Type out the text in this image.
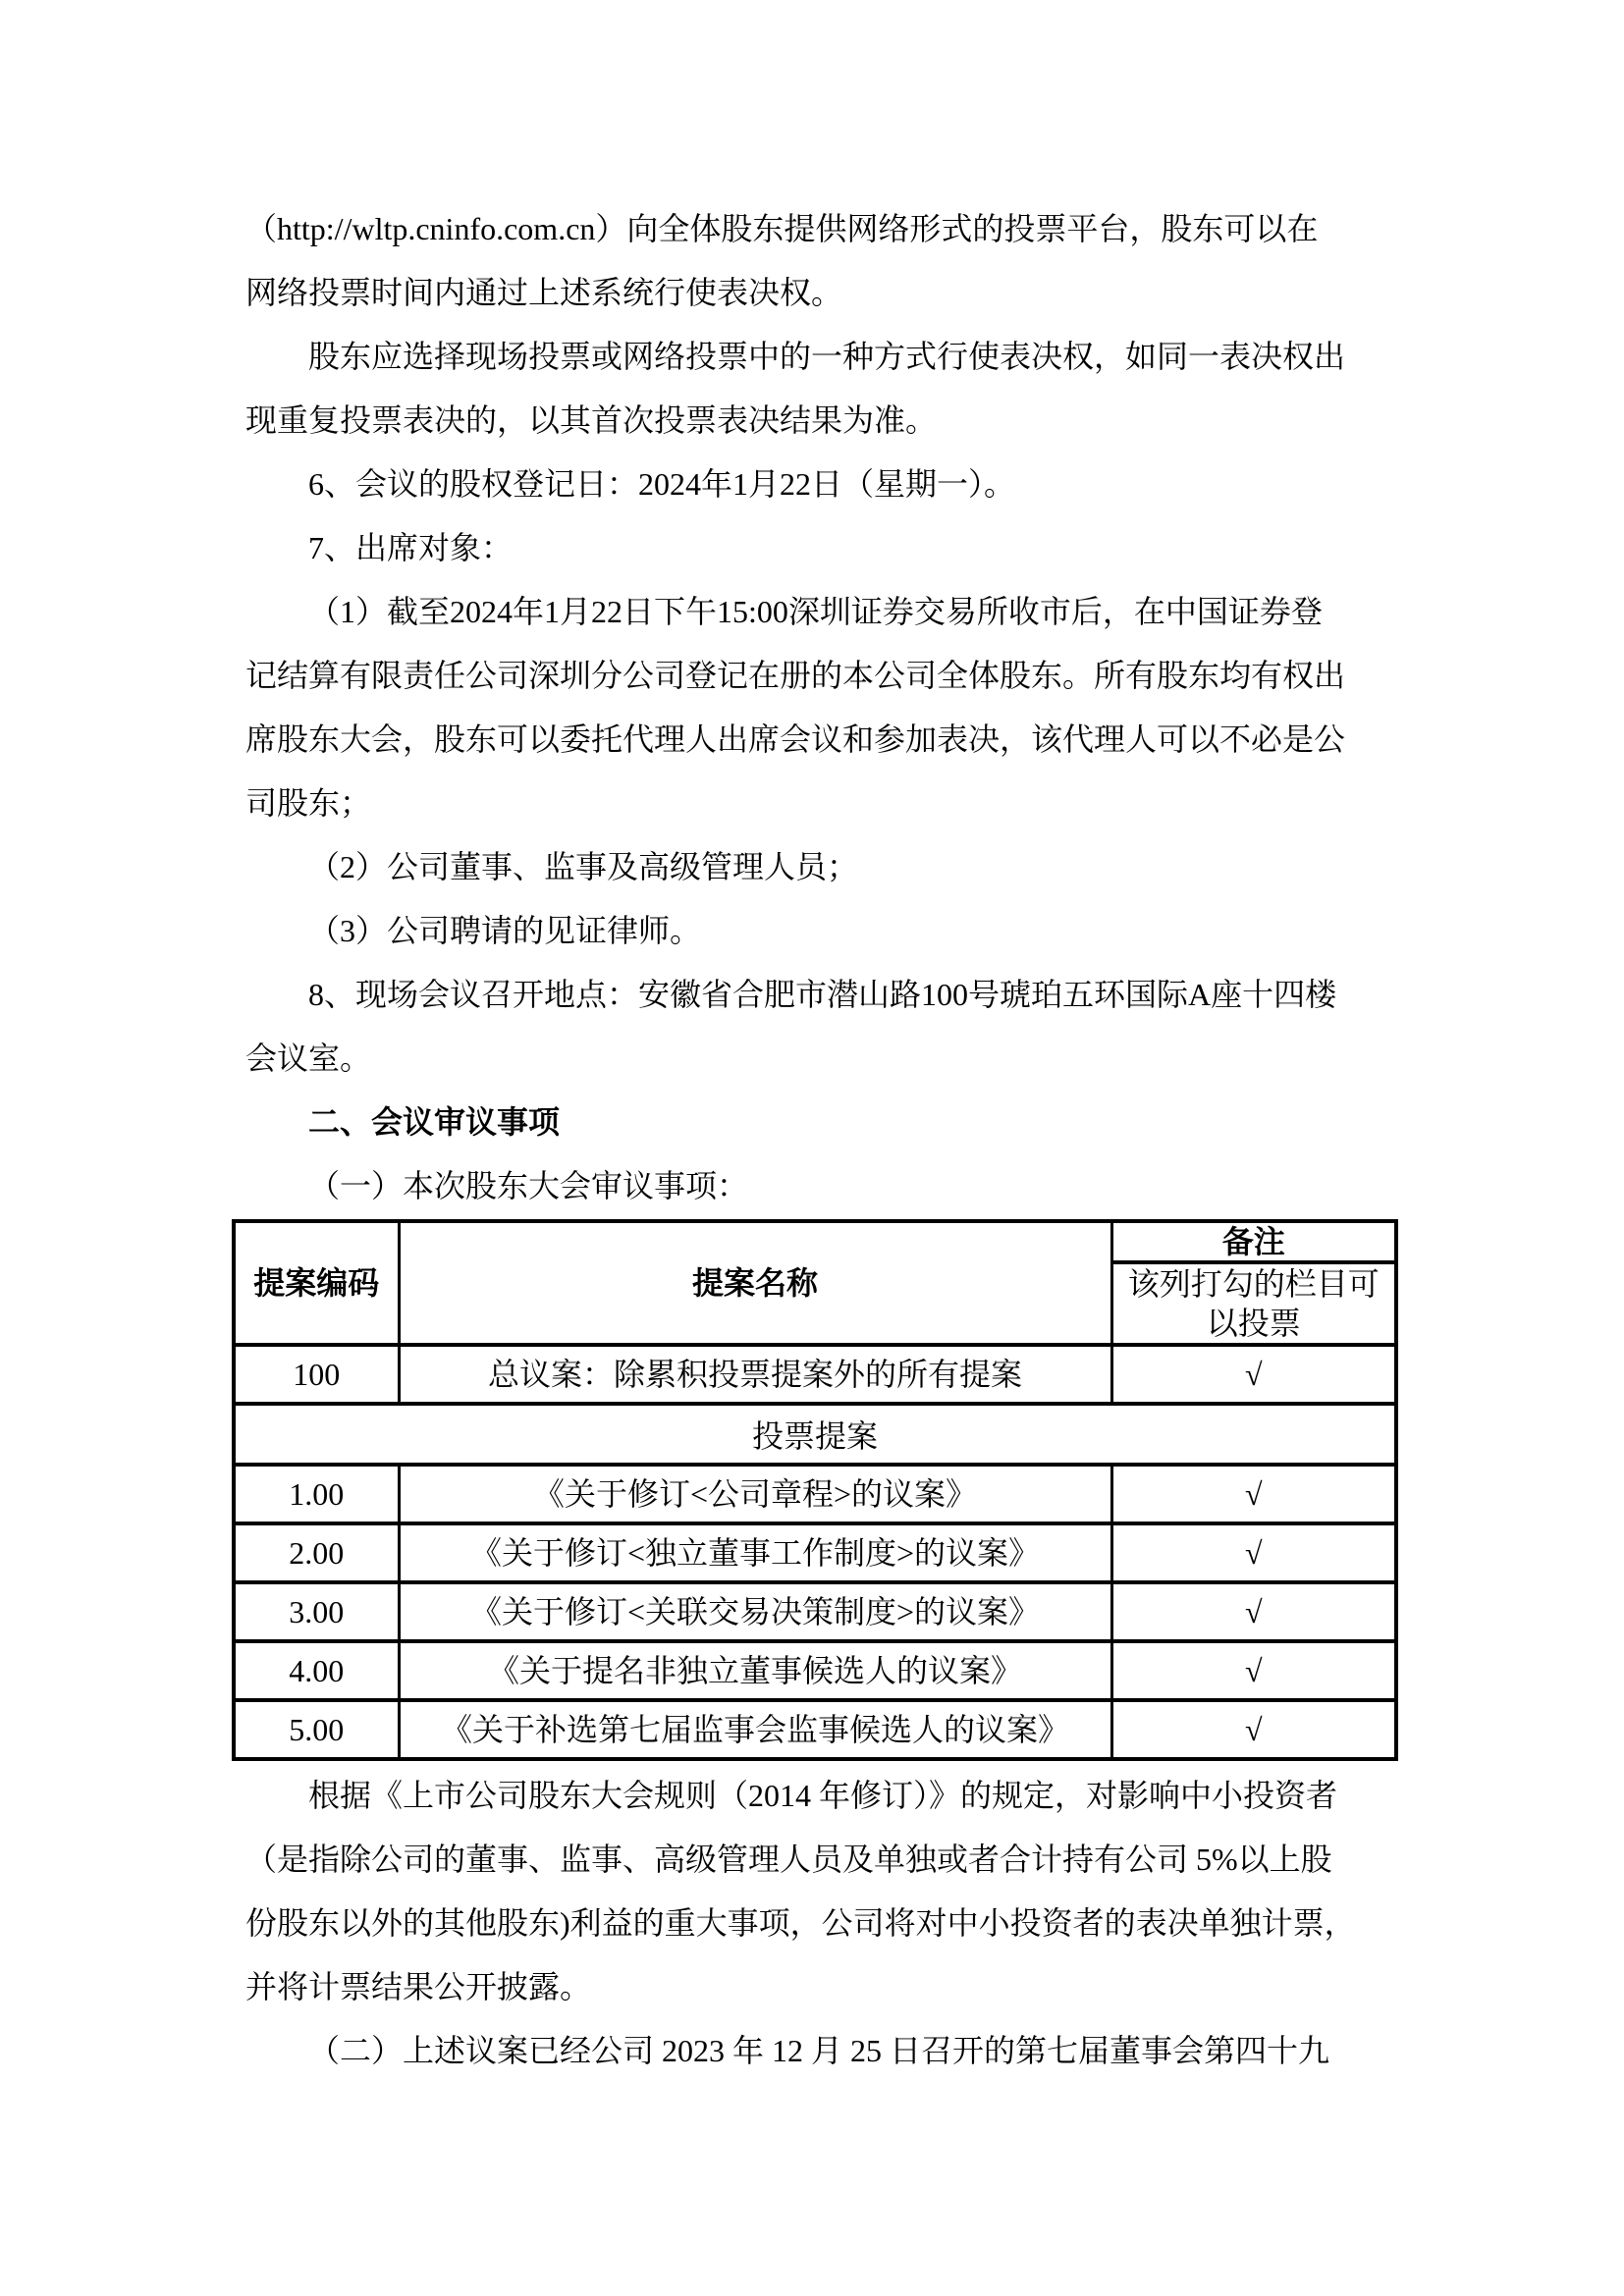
（http://wltp.cninfo.com.cn）向全体股东提供网络形式的投票平台，股东可以在
网络投票时间内通过上述系统行使表决权。
股东应选择现场投票或网络投票中的一种方式行使表决权，如同一表决权出
现重复投票表决的，以其首次投票表决结果为准。
6、会议的股权登记日：2024年1月22日（星期一）。
7、出席对象：
（1）截至2024年1月22日下午15:00深圳证券交易所收市后，在中国证券登
记结算有限责任公司深圳分公司登记在册的本公司全体股东。所有股东均有权出
席股东大会，股东可以委托代理人出席会议和参加表决，该代理人可以不必是公
司股东；
（2）公司董事、监事及高级管理人员；
（3）公司聘请的见证律师。
8、现场会议召开地点：安徽省合肥市潜山路100号琥珀五环国际A座十四楼
会议室。
二、会议审议事项
（一）本次股东大会审议事项：
提案编码	提案名称	备注
		该列打勾的栏目可以投票
100	总议案：除累积投票提案外的所有提案	√
投票提案		
1.00	《关于修订<公司章程>的议案》	√
2.00	《关于修订<独立董事工作制度>的议案》	√
3.00	《关于修订<关联交易决策制度>的议案》	√
4.00	《关于提名非独立董事候选人的议案》	√
5.00	《关于补选第七届监事会监事候选人的议案》	√
根据《上市公司股东大会规则（2014 年修订）》的规定，对影响中小投资者
（是指除公司的董事、监事、高级管理人员及单独或者合计持有公司 5%以上股
份股东以外的其他股东)利益的重大事项，公司将对中小投资者的表决单独计票，
并将计票结果公开披露。
（二）上述议案已经公司 2023 年 12 月 25 日召开的第七届董事会第四十九
